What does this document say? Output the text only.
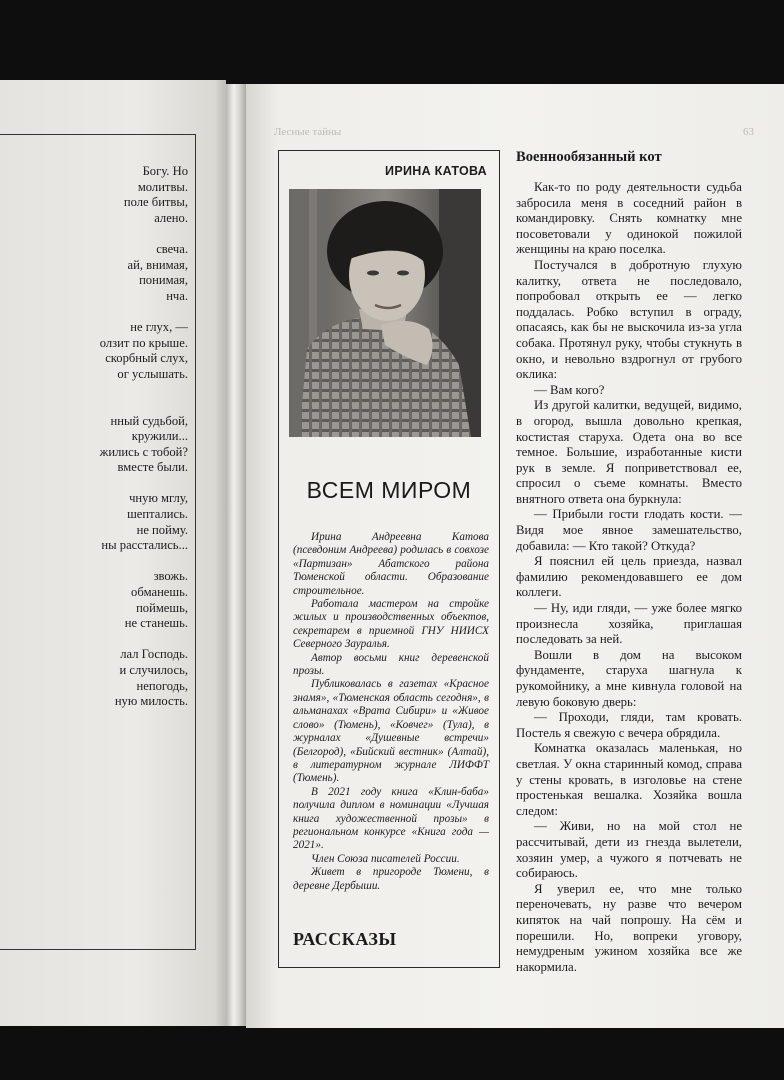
Богу. Но
молитвы.
поле битвы,
алено.
свеча.
ай, внимая,
понимая,
нча.
не глух, —
олзит по крыше.
скорбный слух,
ог услышать.
нный судьбой,
кружили...
жились с тобой?
вместе были.
чную мглу,
шептались.
не пойму.
ны расстались...
звожь.
обманешь.
поймешь,
не станешь.
лал Господь.
и случилось,
непогодь,
ную милость.
Лесные тайны	63
ИРИНА КАТОВА
ВСЕМ МИРОМ

Ирина Андреевна Катова (псевдоним Андреева) родилась в совхозе «Партизан» Абатского района Тюменской области. Образование строительное.

Работала мастером на стройке жилых и производственных объектов, секретарем в приемной ГНУ НИИСХ Северного Зауралья.

Автор восьми книг деревенской прозы.

Публиковалась в газетах «Красное знамя», «Тюменская область сегодня», в альманахах «Врата Сибири» и «Живое слово» (Тюмень), «Ковчег» (Тула), в журналах «Душевные встречи» (Белгород), «Бийский вестник» (Алтай), в литературном журнале ЛИФФТ (Тюмень).

В 2021 году книга «Клин-баба» получила диплом в номинации «Лучшая книга художественной прозы» в региональном конкурсе «Книга года — 2021».

Член Союза писателей России.

Живет в пригороде Тюмени, в деревне Дербыши.

РАССКАЗЫ
Военнообязанный кот

Как-то по роду деятельности судьба забросила меня в соседний район в командировку. Снять комнатку мне посоветовали у одинокой пожилой женщины на краю поселка.

Постучался в добротную глухую калитку, ответа не последовало, попробовал открыть ее — легко поддалась. Робко вступил в ограду, опасаясь, как бы не выскочила из-за угла собака. Протянул руку, чтобы стукнуть в окно, и невольно вздрогнул от грубого оклика:

— Вам кого?

Из другой калитки, ведущей, видимо, в огород, вышла довольно крепкая, костистая старуха. Одета она во все темное. Большие, изработанные кисти рук в земле. Я поприветствовал ее, спросил о съеме комнаты. Вместо внятного ответа она буркнула:

— Прибыли гости глодать кости. — Видя мое явное замешательство, добавила: — Кто такой? Откуда?

Я пояснил ей цель приезда, назвал фамилию рекомендовавшего ее дом коллеги.

— Ну, иди гляди, — уже более мягко произнесла хозяйка, приглашая последовать за ней.

Вошли в дом на высоком фундаменте, старуха шагнула к рукомойнику, а мне кивнула головой на левую боковую дверь:

— Проходи, гляди, там кровать. Постель я свежую с вечера обрядила.

Комнатка оказалась маленькая, но светлая. У окна старинный комод, справа у стены кровать, в изголовье на стене простенькая вешалка. Хозяйка вошла следом:

— Живи, но на мой стол не рассчитывай, дети из гнезда вылетели, хозяин умер, а чужого я потчевать не собираюсь.

Я уверил ее, что мне только переночевать, ну разве что вечером кипяток на чай попрошу. На сём и порешили. Но, вопреки уговору, немудреным ужином хозяйка все же накормила.
